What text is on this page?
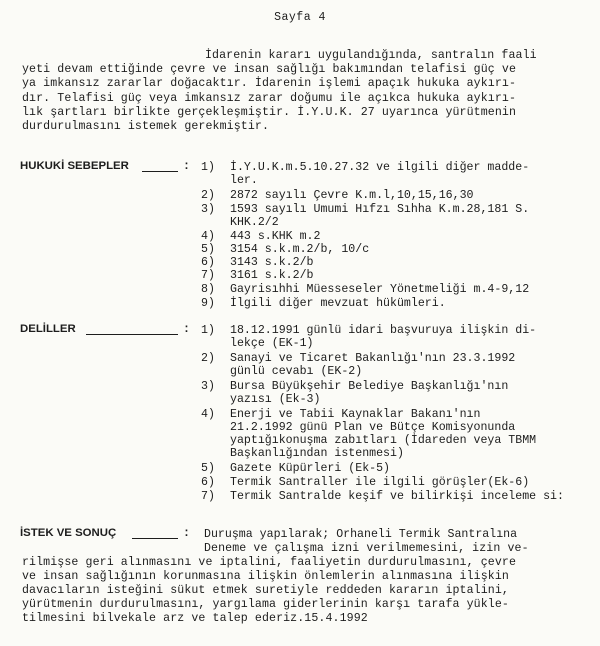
Sayfa 4
İdarenin kararı uygulandığında, santralın faali
yeti devam ettiğinde çevre ve insan sağlığı bakımından telafisi güç ve
ya imkansız zararlar doğacaktır. İdarenin işlemi apaçık hukuka aykırı-
dır. Telafisi güç veya imkansız zarar doğumu ile açıkca hukuka aykırı-
lık şartları birlikte gerçekleşmiştir. İ.Y.U.K. 27 uyarınca yürütmenin
durdurulmasını istemek gerekmiştir.
HUKUKİ SEBEPLER	: 1) İ.Y.U.K.m.5.10.27.32 ve ilgili diğer madde-
ler.
2) 2872 sayılı Çevre K.m.l,10,15,16,30
3) 1593 sayılı Umumi Hıfzı Sıhha K.m.28,181 S.
KHK.2/2
4) 443 s.KHK m.2
5) 3154 s.k.m.2/b, 10/c
6) 3143 s.k.2/b
7) 3161 s.k.2/b
8) Gayrisıhhi Müesseseler Yönetmeliği m.4-9,12
9) İlgili diğer mevzuat hükümleri.
DELİLLER	: 1) 18.12.1991 günlü idari başvuruya ilişkin di-
lekçe (EK-1)
2) Sanayi ve Ticaret Bakanlığı'nın 23.3.1992
günlü cevabı (EK-2)
3) Bursa Büyükşehir Belediye Başkanlığı'nın
yazısı (Ek-3)
4) Enerji ve Tabii Kaynaklar Bakanı'nın
21.2.1992 günü Plan ve Bütçe Komisyonunda
yaptığıkonuşma zabıtları (İdareden veya TBMM
Başkanlığından istenmesi)
5) Gazete Küpürleri (Ek-5)
6) Termik Santraller ile ilgili görüşler(Ek-6)
7) Termik Santralde keşif ve bilirkişi inceleme si:
İSTEK VE SONUÇ	: Duruşma yapılarak; Orhaneli Termik Santralına
Deneme ve çalışma izni verilmemesini, izin ve-
rilmişse geri alınmasını ve iptalini, faaliyetin durdurulmasını, çevre
ve insan sağlığının korunmasına ilişkin önlemlerin alınmasına ilişkin
davacıların isteğini sükut etmek suretiyle reddeden kararın iptalini,
yürütmenin durdurulmasını, yargılama giderlerinin karşı tarafa yükle-
tilmesini bilvekale arz ve talep ederiz.15.4.1992
